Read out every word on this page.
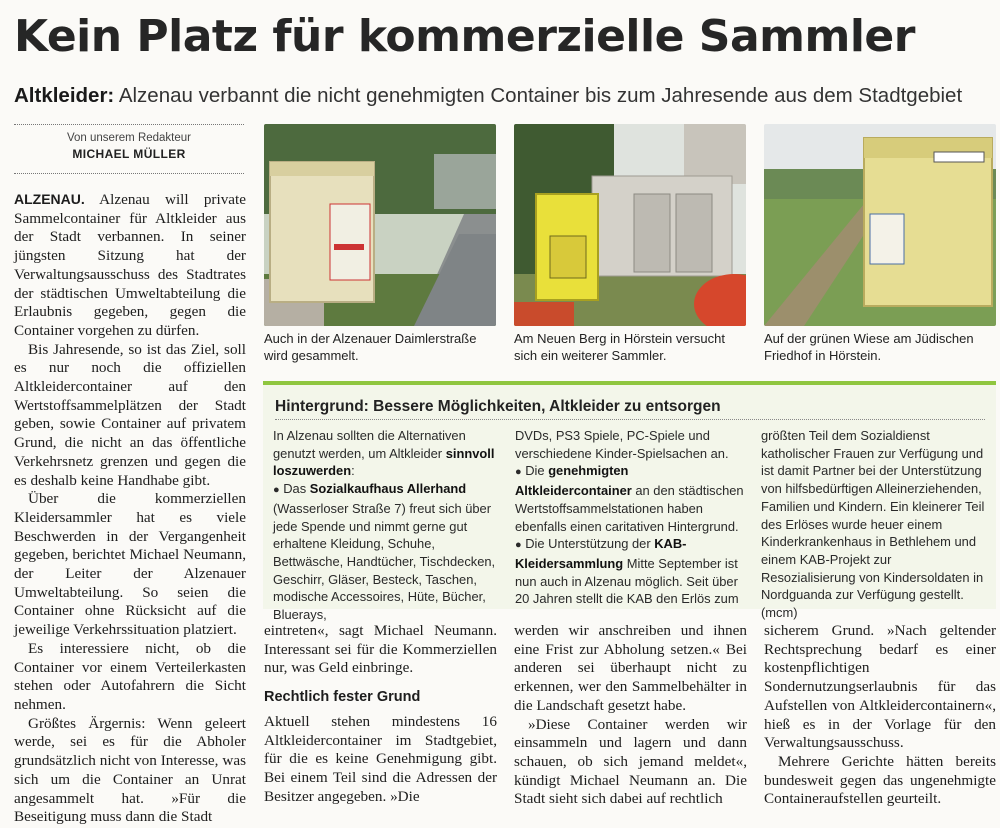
Kein Platz für kommerzielle Sammler
Altkleider: Alzenau verbannt die nicht genehmigten Container bis zum Jahresende aus dem Stadtgebiet
Von unserem Redakteur
MICHAEL MÜLLER

ALZENAU. Alzenau will private Sammelcontainer für Altkleider aus der Stadt verbannen. In seiner jüngsten Sitzung hat der Verwaltungsausschuss des Stadtrates der städtischen Umweltabteilung die Erlaubnis gegeben, gegen die Container vorgehen zu dürfen.

Bis Jahresende, so ist das Ziel, soll es nur noch die offiziellen Altkleidercontainer auf den Wertstoffsammelplätzen der Stadt geben, sowie Container auf privatem Grund, die nicht an das öffentliche Verkehrsnetz grenzen und gegen die es deshalb keine Handhabe gibt.

Über die kommerziellen Kleidersammler hat es viele Beschwerden in der Vergangenheit gegeben, berichtet Michael Neumann, der Leiter der Alzenauer Umweltabteilung. So seien die Container ohne Rücksicht auf die jeweilige Verkehrssituation platziert.

Es interessiere nicht, ob die Container vor einem Verteilerkasten stehen oder Autofahrern die Sicht nehmen.

Größtes Ärgernis: Wenn geleert werde, sei es für die Abholer grundsätzlich nicht von Interesse, was sich um die Container an Unrat angesammelt hat. »Für die Beseitigung muss dann die Stadt

Auch in der Alzenauer Daimlerstraße wird gesammelt.
Am Neuen Berg in Hörstein versucht sich ein weiterer Sammler.
Auf der grünen Wiese am Jüdischen Friedhof in Hörstein.
Hintergrund: Bessere Möglichkeiten, Altkleider zu entsorgen
In Alzenau sollten die Alternativen genutzt werden, um Altkleider sinnvoll loszuwerden:
● Das Sozialkaufhaus Allerhand (Wasserloser Straße 7) freut sich über jede Spende und nimmt gerne gut erhaltene Kleidung, Schuhe, Bettwäsche, Handtücher, Tischdecken, Geschirr, Gläser, Besteck, Taschen, modische Accessoires, Hüte, Bücher, Bluerays,
DVDs, PS3 Spiele, PC-Spiele und verschiedene Kinder-Spielsachen an.
● Die genehmigten Altkleidercontainer an den städtischen Wertstoffsammelstationen haben ebenfalls einen caritativen Hintergrund.
● Die Unterstützung der KAB-Kleidersammlung Mitte September ist nun auch in Alzenau möglich. Seit über 20 Jahren stellt die KAB den Erlös zum
größten Teil dem Sozialdienst katholischer Frauen zur Verfügung und ist damit Partner bei der Unterstützung von hilfsbedürftigen Alleinerziehenden, Familien und Kindern. Ein kleinerer Teil des Erlöses wurde heuer einem Kinderkrankenhaus in Bethlehem und einem KAB-Projekt zur Resozialisierung von Kindersoldaten in Nordguanda zur Verfügung gestellt. (mcm)

eintreten«, sagt Michael Neumann. Interessant sei für die Kommerziellen nur, was Geld einbringe.

Rechtlich fester Grund

Aktuell stehen mindestens 16 Altkleidercontainer im Stadtgebiet, für die es keine Genehmigung gibt. Bei einem Teil sind die Adressen der Besitzer angegeben. »Die

werden wir anschreiben und ihnen eine Frist zur Abholung setzen.« Bei anderen sei überhaupt nicht zu erkennen, wer den Sammelbehälter in die Landschaft gesetzt habe.

»Diese Container werden wir einsammeln und lagern und dann schauen, ob sich jemand meldet«, kündigt Michael Neumann an. Die Stadt sieht sich dabei auf rechtlich

sicherem Grund. »Nach geltender Rechtsprechung bedarf es einer kostenpflichtigen Sondernutzungserlaubnis für das Aufstellen von Altkleidercontainern«, hieß es in der Vorlage für den Verwaltungsausschuss.

Mehrere Gerichte hätten bereits bundesweit gegen das ungenehmigte Containeraufstellen geurteilt.
